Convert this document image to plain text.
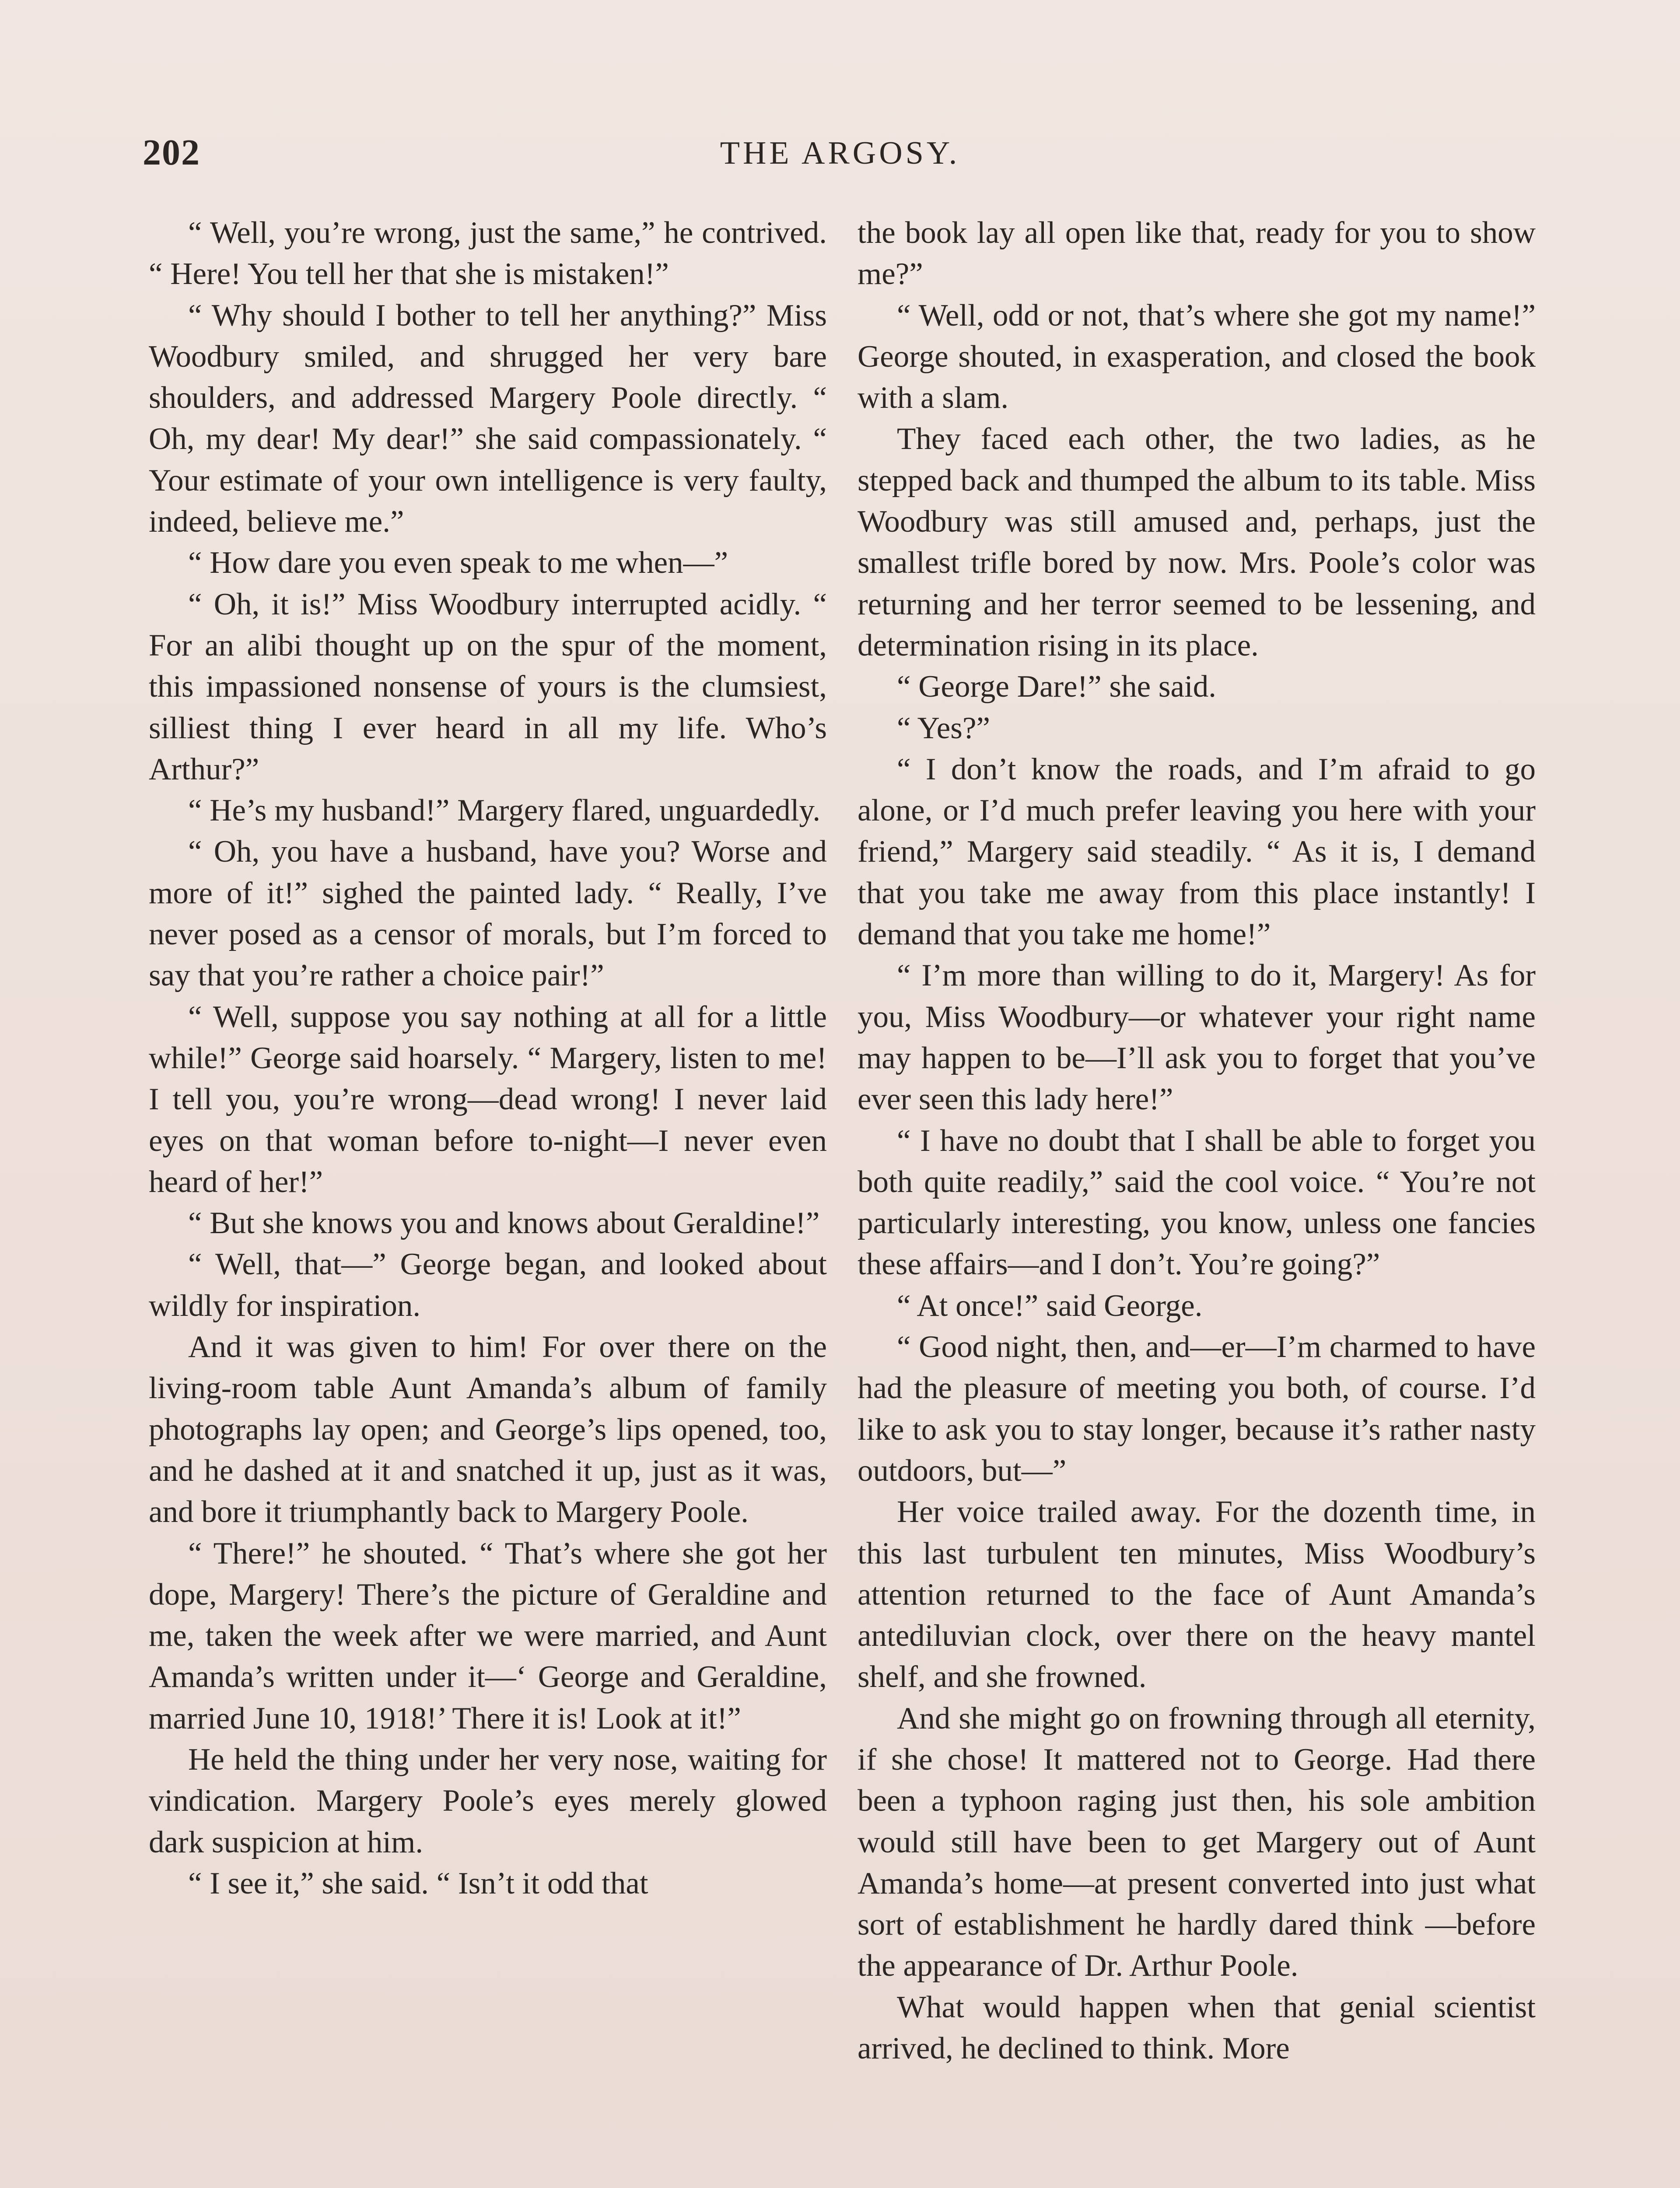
202	THE ARGOSY.

“ Well, you’re wrong, just the same,” he contrived. “ Here! You tell her that she is mistaken!”

“ Why should I bother to tell her anything?” Miss Woodbury smiled, and shrugged her very bare shoulders, and addressed Margery Poole directly. “ Oh, my dear! My dear!” she said compassionately. “ Your estimate of your own intelligence is very faulty, indeed, believe me.”

“ How dare you even speak to me when—”

“ Oh, it is!” Miss Woodbury interrupted acidly. “ For an alibi thought up on the spur of the moment, this impassioned nonsense of yours is the clumsiest, silliest thing I ever heard in all my life. Who’s Arthur?”

“ He’s my husband!” Margery flared, unguardedly.

“ Oh, you have a husband, have you? Worse and more of it!” sighed the painted lady. “ Really, I’ve never posed as a censor of morals, but I’m forced to say that you’re rather a choice pair!”

“ Well, suppose you say nothing at all for a little while!” George said hoarsely. “ Margery, listen to me! I tell you, you’re wrong—dead wrong! I never laid eyes on that woman before to-night—I never even heard of her!”

“ But she knows you and knows about Geraldine!”

“ Well, that—” George began, and looked about wildly for inspiration.

And it was given to him! For over there on the living-room table Aunt Amanda’s album of family photographs lay open; and George’s lips opened, too, and he dashed at it and snatched it up, just as it was, and bore it triumphantly back to Margery Poole.

“ There!” he shouted. “ That’s where she got her dope, Margery! There’s the picture of Geraldine and me, taken the week after we were married, and Aunt Amanda’s written under it—‘ George and Geraldine, married June 10, 1918!’ There it is! Look at it!”

He held the thing under her very nose, waiting for vindication. Margery Poole’s eyes merely glowed dark suspicion at him.

“ I see it,” she said. “ Isn’t it odd that

the book lay all open like that, ready for you to show me?”

“ Well, odd or not, that’s where she got my name!” George shouted, in exasperation, and closed the book with a slam.

They faced each other, the two ladies, as he stepped back and thumped the album to its table. Miss Woodbury was still amused and, perhaps, just the smallest trifle bored by now. Mrs. Poole’s color was returning and her terror seemed to be lessening, and determination rising in its place.

“ George Dare!” she said.

“ Yes?”

“ I don’t know the roads, and I’m afraid to go alone, or I’d much prefer leaving you here with your friend,” Margery said steadily. “ As it is, I demand that you take me away from this place instantly! I demand that you take me home!”

“ I’m more than willing to do it, Margery! As for you, Miss Woodbury—or whatever your right name may happen to be—I’ll ask you to forget that you’ve ever seen this lady here!”

“ I have no doubt that I shall be able to forget you both quite readily,” said the cool voice. “ You’re not particularly interesting, you know, unless one fancies these affairs—and I don’t. You’re going?”

“ At once!” said George.

“ Good night, then, and—er—I’m charmed to have had the pleasure of meeting you both, of course. I’d like to ask you to stay longer, because it’s rather nasty outdoors, but—”

Her voice trailed away. For the dozenth time, in this last turbulent ten minutes, Miss Woodbury’s attention returned to the face of Aunt Amanda’s antediluvian clock, over there on the heavy mantel shelf, and she frowned.

And she might go on frowning through all eternity, if she chose! It mattered not to George. Had there been a typhoon raging just then, his sole ambition would still have been to get Margery out of Aunt Amanda’s home—at present converted into just what sort of establishment he hardly dared think —before the appearance of Dr. Arthur Poole.

What would happen when that genial scientist arrived, he declined to think. More
